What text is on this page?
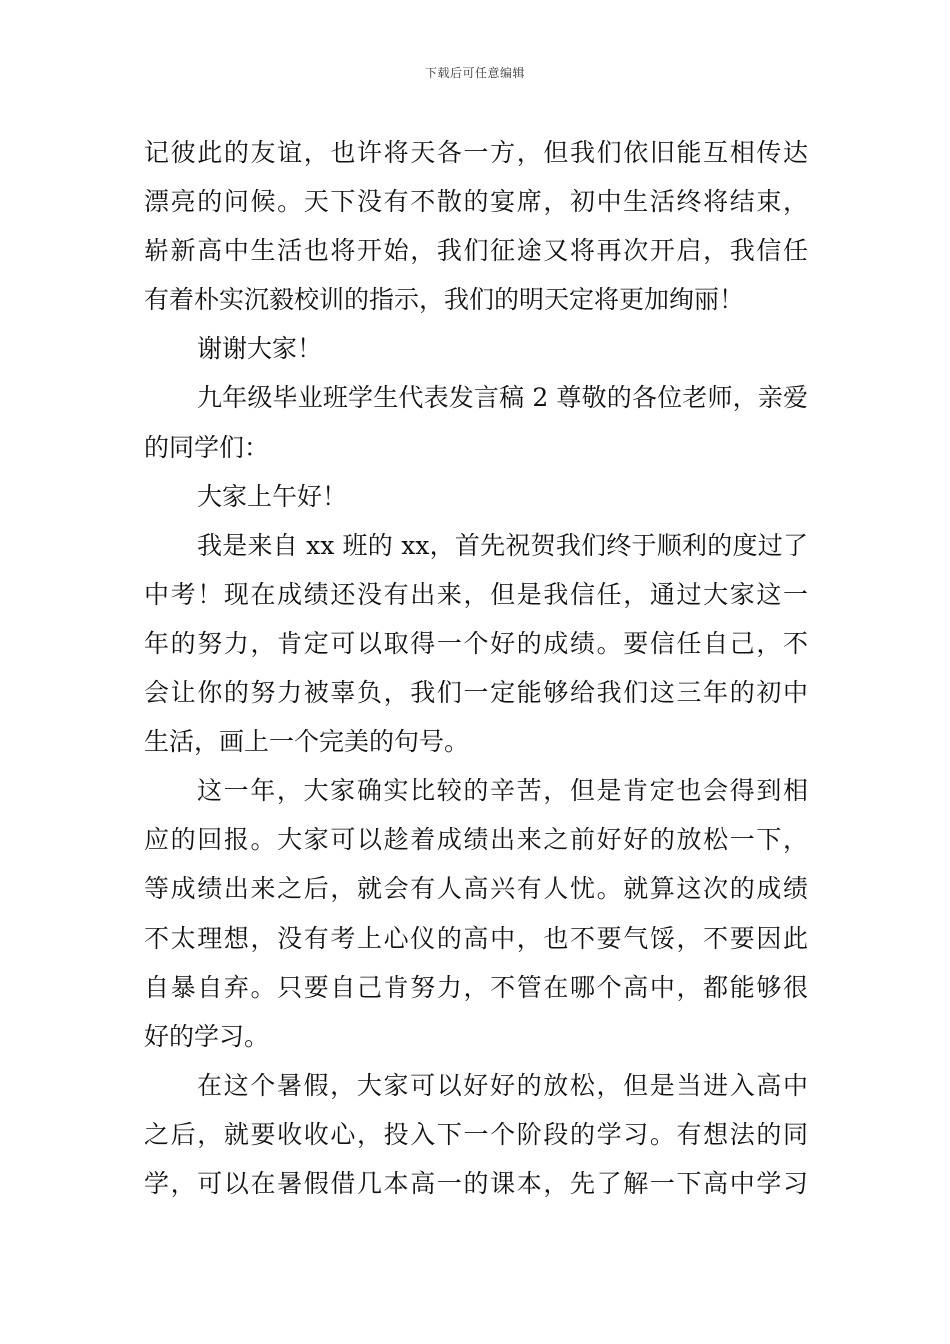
下载后可任意编辑
记彼此的友谊，也许将天各一方，但我们依旧能互相传达
漂亮的问候。天下没有不散的宴席，初中生活终将结束，
崭新高中生活也将开始，我们征途又将再次开启，我信任
有着朴实沉毅校训的指示，我们的明天定将更加绚丽！
谢谢大家！
九年级毕业班学生代表发言稿 2 尊敬的各位老师，亲爱
的同学们：
大家上午好！
我是来自 xx 班的 xx，首先祝贺我们终于顺利的度过了
中考！现在成绩还没有出来，但是我信任，通过大家这一
年的努力，肯定可以取得一个好的成绩。要信任自己，不
会让你的努力被辜负，我们一定能够给我们这三年的初中
生活，画上一个完美的句号。
这一年，大家确实比较的辛苦，但是肯定也会得到相
应的回报。大家可以趁着成绩出来之前好好的放松一下，
等成绩出来之后，就会有人高兴有人忧。就算这次的成绩
不太理想，没有考上心仪的高中，也不要气馁，不要因此
自暴自弃。只要自己肯努力，不管在哪个高中，都能够很
好的学习。
在这个暑假，大家可以好好的放松，但是当进入高中
之后，就要收收心，投入下一个阶段的学习。有想法的同
学，可以在暑假借几本高一的课本，先了解一下高中学习
